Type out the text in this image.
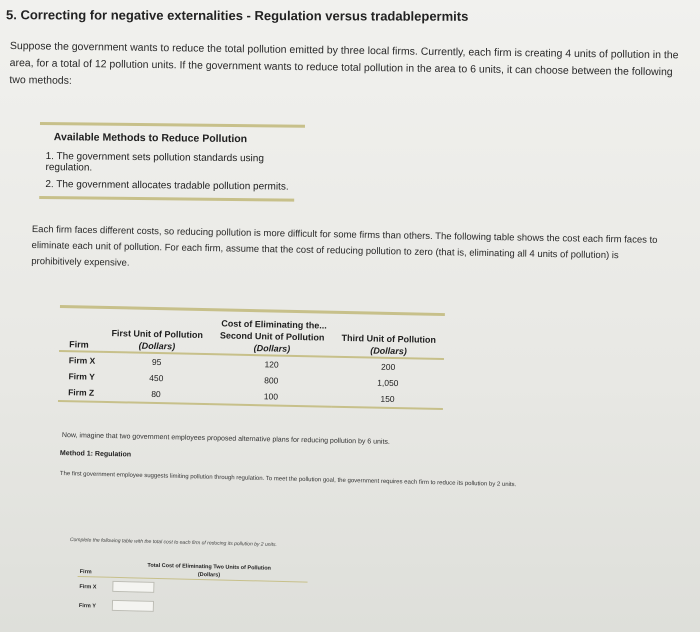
5. Correcting for negative externalities - Regulation versus tradablepermits
Suppose the government wants to reduce the total pollution emitted by three local firms. Currently, each firm is creating 4 units of pollution in the area, for a total of 12 pollution units. If the government wants to reduce total pollution in the area to 6 units, it can choose between the following two methods:
Available Methods to Reduce Pollution
1. The government sets pollution standards using regulation.
2. The government allocates tradable pollution permits.
Each firm faces different costs, so reducing pollution is more difficult for some firms than others. The following table shows the cost each firm faces to eliminate each unit of pollution. For each firm, assume that the cost of reducing pollution to zero (that is, eliminating all 4 units of pollution) is prohibitively expensive.
	Cost of Eliminating the...		
	First Unit of Pollution	Second Unit of Pollution	Third Unit of Pollution
Firm	(Dollars)	(Dollars)	(Dollars)
Firm X	95	120	200
Firm Y	450	800	1,050
Firm Z	80	100	150
Now, imagine that two government employees proposed alternative plans for reducing pollution by 6 units.
Method 1: Regulation
The first government employee suggests limiting pollution through regulation. To meet the pollution goal, the government requires each firm to reduce its pollution by 2 units.
Complete the following table with the total cost to each firm of reducing its pollution by 2 units.
	Total Cost of Eliminating Two Units of Pollution
Firm	(Dollars)
Firm X	
Firm Y	
